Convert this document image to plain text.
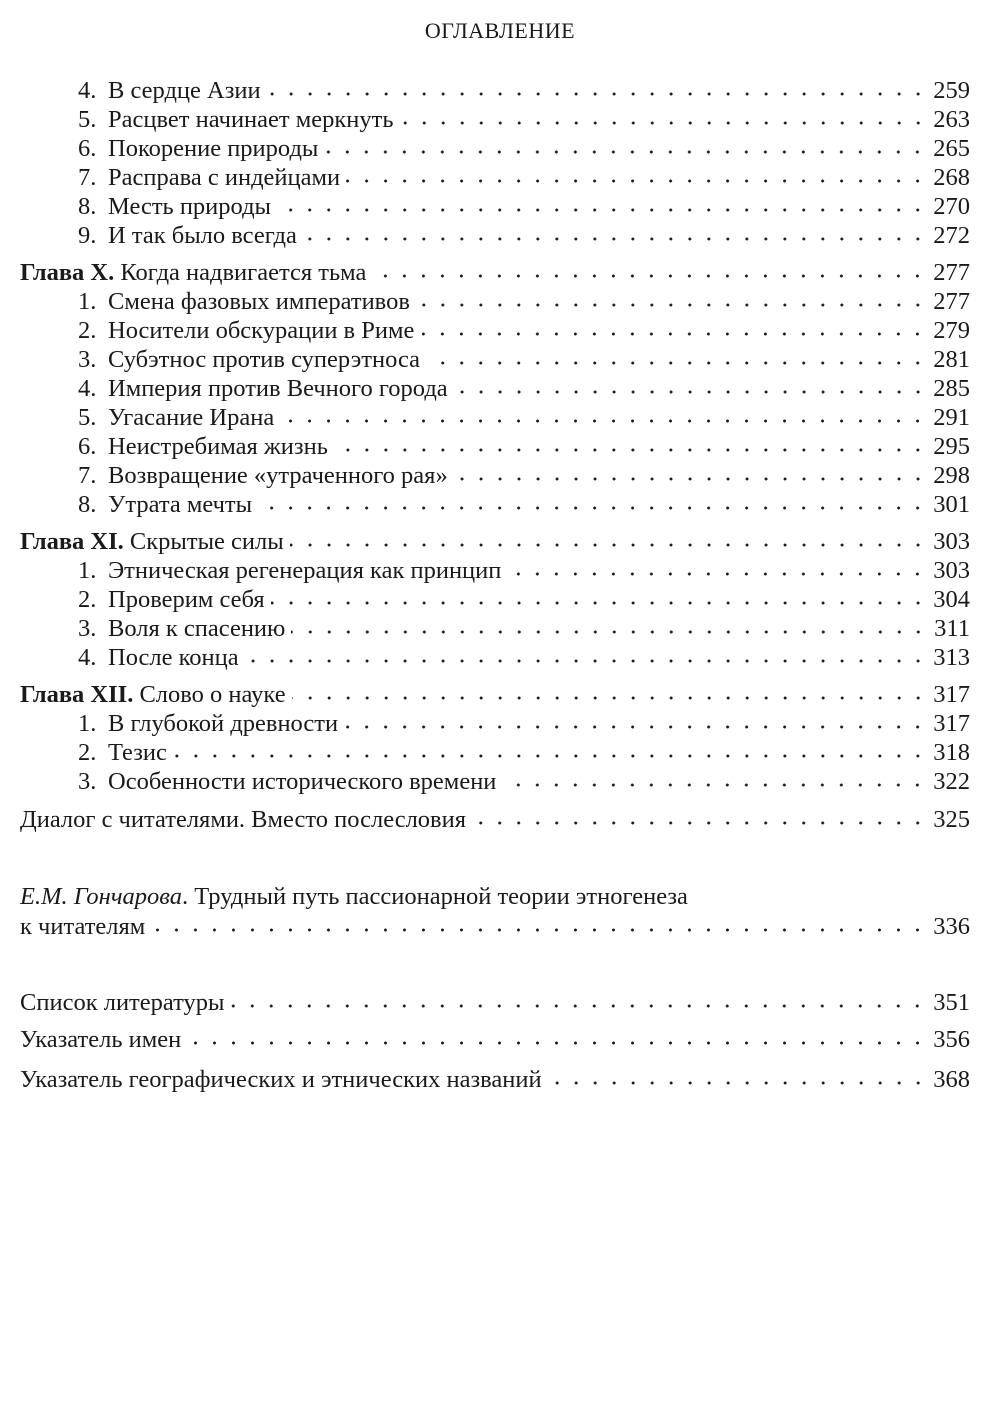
ОГЛАВЛЕНИЕ
4. В сердце Азии	259
5. Расцвет начинает меркнуть	263
6. Покорение природы	265
7. Расправа с индейцами	268
8. Месть природы	270
9. И так было всегда	272
Глава X. Когда надвигается тьма	277
1. Смена фазовых императивов	277
2. Носители обскурации в Риме	279
3. Субэтнос против суперэтноса	281
4. Империя против Вечного города	285
5. Угасание Ирана	291
6. Неистребимая жизнь	295
7. Возвращение «утраченного рая»	298
8. Утрата мечты	301
Глава XI. Скрытые силы	303
1. Этническая регенерация как принцип	303
2. Проверим себя	304
3. Воля к спасению	311
4. После конца	313
Глава XII. Слово о науке	317
1. В глубокой древности	317
2. Тезис	318
3. Особенности исторического времени	322
Диалог с читателями. Вместо послесловия	325
Е.М. Гончарова. Трудный путь пассионарной теории этногенеза
к читателям	336
Список литературы	351
Указатель имен	356
Указатель географических и этнических названий	368
